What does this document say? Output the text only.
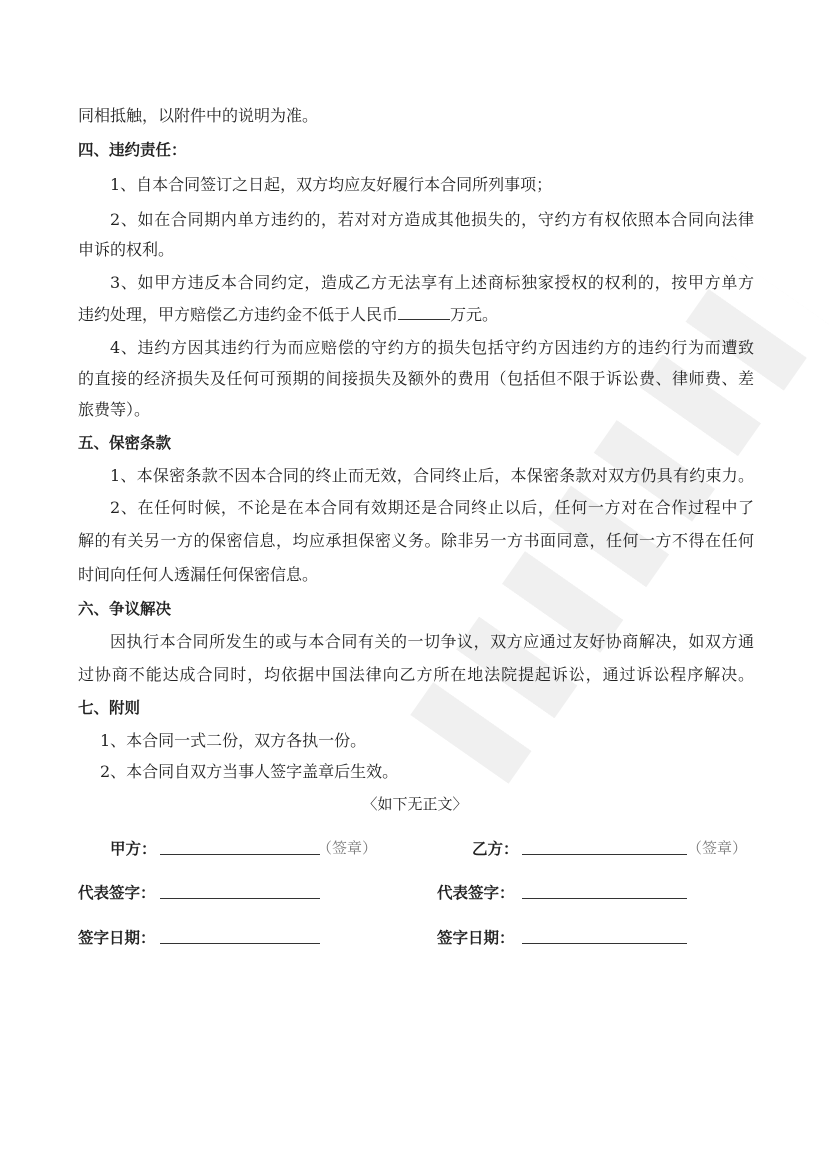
同相抵触，以附件中的说明为准。
四、违约责任：
1、自本合同签订之日起，双方均应友好履行本合同所列事项；
2、如在合同期内单方违约的，若对对方造成其他损失的，守约方有权依照本合同向法律
申诉的权利。
3、如甲方违反本合同约定，造成乙方无法享有上述商标独家授权的权利的，按甲方单方
违约处理，甲方赔偿乙方违约金不低于人民币	万元。
4、违约方因其违约行为而应赔偿的守约方的损失包括守约方因违约方的违约行为而遭致
的直接的经济损失及任何可预期的间接损失及额外的费用（包括但不限于诉讼费、律师费、差
旅费等）。
五、保密条款
1、本保密条款不因本合同的终止而无效，合同终止后，本保密条款对双方仍具有约束力。
2、在任何时候，不论是在本合同有效期还是合同终止以后，任何一方对在合作过程中了
解的有关另一方的保密信息，均应承担保密义务。除非另一方书面同意，任何一方不得在任何
时间向任何人透漏任何保密信息。
六、争议解决
因执行本合同所发生的或与本合同有关的一切争议，双方应通过友好协商解决，如双方通
过协商不能达成合同时，均依据中国法律向乙方所在地法院提起诉讼，通过诉讼程序解决。
七、附则
1、本合同一式二份，双方各执一份。
2、本合同自双方当事人签字盖章后生效。
〈如下无正文〉
甲方：	（签章）	乙方：	（签章）
代表签字：	代表签字：
签字日期：	签字日期：
